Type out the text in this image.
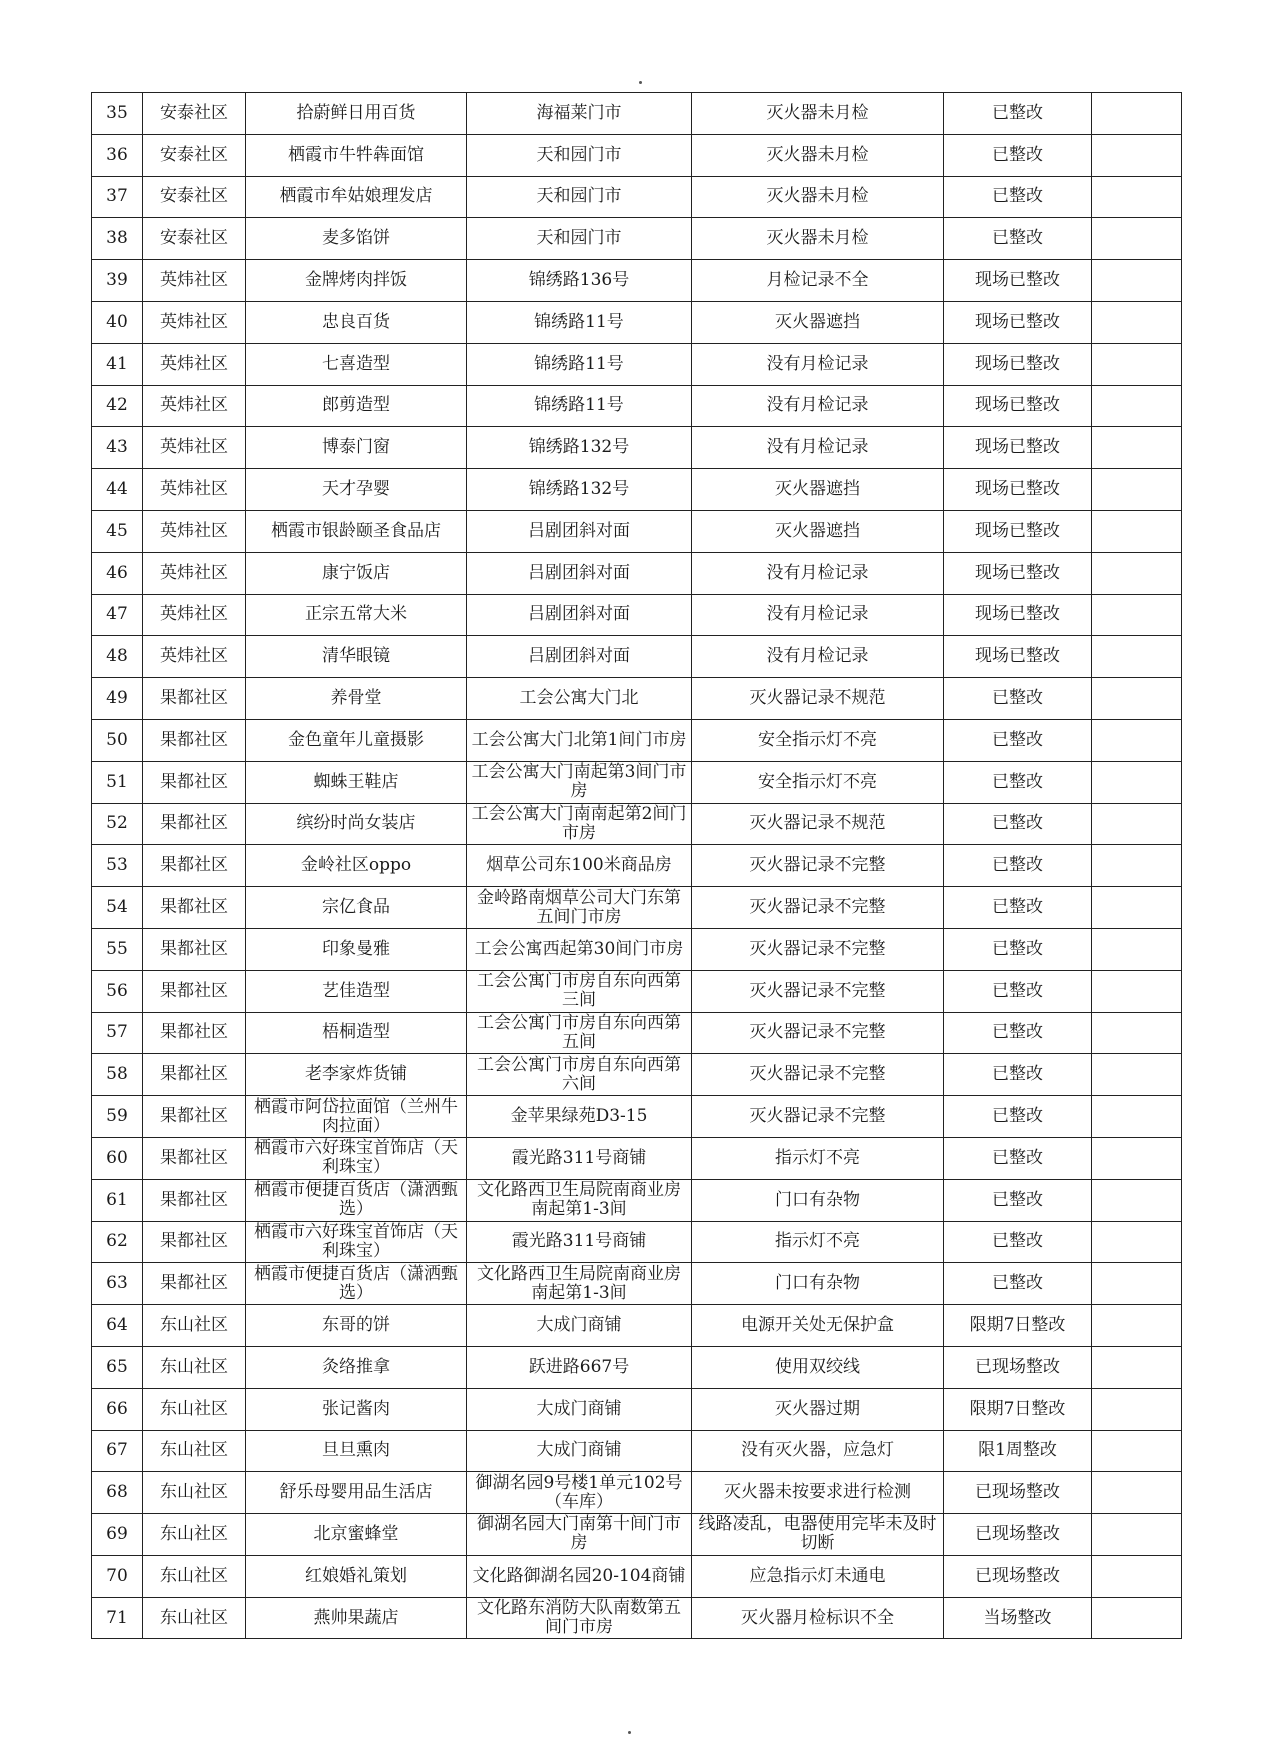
35	安泰社区	拾蔚鲜日用百货	海福莱门市	灭火器未月检	已整改	
36	安泰社区	栖霞市牛牪犇面馆	天和园门市	灭火器未月检	已整改	
37	安泰社区	栖霞市牟姑娘理发店	天和园门市	灭火器未月检	已整改	
38	安泰社区	麦多馅饼	天和园门市	灭火器未月检	已整改	
39	英炜社区	金牌烤肉拌饭	锦绣路136号	月检记录不全	现场已整改	
40	英炜社区	忠良百货	锦绣路11号	灭火器遮挡	现场已整改	
41	英炜社区	七喜造型	锦绣路11号	没有月检记录	现场已整改	
42	英炜社区	郎剪造型	锦绣路11号	没有月检记录	现场已整改	
43	英炜社区	博泰门窗	锦绣路132号	没有月检记录	现场已整改	
44	英炜社区	天才孕婴	锦绣路132号	灭火器遮挡	现场已整改	
45	英炜社区	栖霞市银龄颐圣食品店	吕剧团斜对面	灭火器遮挡	现场已整改	
46	英炜社区	康宁饭店	吕剧团斜对面	没有月检记录	现场已整改	
47	英炜社区	正宗五常大米	吕剧团斜对面	没有月检记录	现场已整改	
48	英炜社区	清华眼镜	吕剧团斜对面	没有月检记录	现场已整改	
49	果都社区	养骨堂	工会公寓大门北	灭火器记录不规范	已整改	
50	果都社区	金色童年儿童摄影	工会公寓大门北第1间门市房	安全指示灯不亮	已整改	
51	果都社区	蜘蛛王鞋店	工会公寓大门南起第3间门市房	安全指示灯不亮	已整改	
52	果都社区	缤纷时尚女装店	工会公寓大门南南起第2间门市房	灭火器记录不规范	已整改	
53	果都社区	金岭社区oppo	烟草公司东100米商品房	灭火器记录不完整	已整改	
54	果都社区	宗亿食品	金岭路南烟草公司大门东第五间门市房	灭火器记录不完整	已整改	
55	果都社区	印象曼雅	工会公寓西起第30间门市房	灭火器记录不完整	已整改	
56	果都社区	艺佳造型	工会公寓门市房自东向西第三间	灭火器记录不完整	已整改	
57	果都社区	梧桐造型	工会公寓门市房自东向西第五间	灭火器记录不完整	已整改	
58	果都社区	老李家炸货铺	工会公寓门市房自东向西第六间	灭火器记录不完整	已整改	
59	果都社区	栖霞市阿岱拉面馆（兰州牛肉拉面）	金苹果绿苑D3-15	灭火器记录不完整	已整改	
60	果都社区	栖霞市六好珠宝首饰店（天利珠宝）	霞光路311号商铺	指示灯不亮	已整改	
61	果都社区	栖霞市便捷百货店（潇洒甄选）	文化路西卫生局院南商业房南起第1-3间	门口有杂物	已整改	
62	果都社区	栖霞市六好珠宝首饰店（天利珠宝）	霞光路311号商铺	指示灯不亮	已整改	
63	果都社区	栖霞市便捷百货店（潇洒甄选）	文化路西卫生局院南商业房南起第1-3间	门口有杂物	已整改	
64	东山社区	东哥的饼	大成门商铺	电源开关处无保护盒	限期7日整改	
65	东山社区	灸络推拿	跃进路667号	使用双绞线	已现场整改	
66	东山社区	张记酱肉	大成门商铺	灭火器过期	限期7日整改	
67	东山社区	旦旦熏肉	大成门商铺	没有灭火器，应急灯	限1周整改	
68	东山社区	舒乐母婴用品生活店	御湖名园9号楼1单元102号（车库）	灭火器未按要求进行检测	已现场整改	
69	东山社区	北京蜜蜂堂	御湖名园大门南第十间门市房	线路凌乱，电器使用完毕未及时切断	已现场整改	
70	东山社区	红娘婚礼策划	文化路御湖名园20-104商铺	应急指示灯未通电	已现场整改	
71	东山社区	燕帅果蔬店	文化路东消防大队南数第五间门市房	灭火器月检标识不全	当场整改	
